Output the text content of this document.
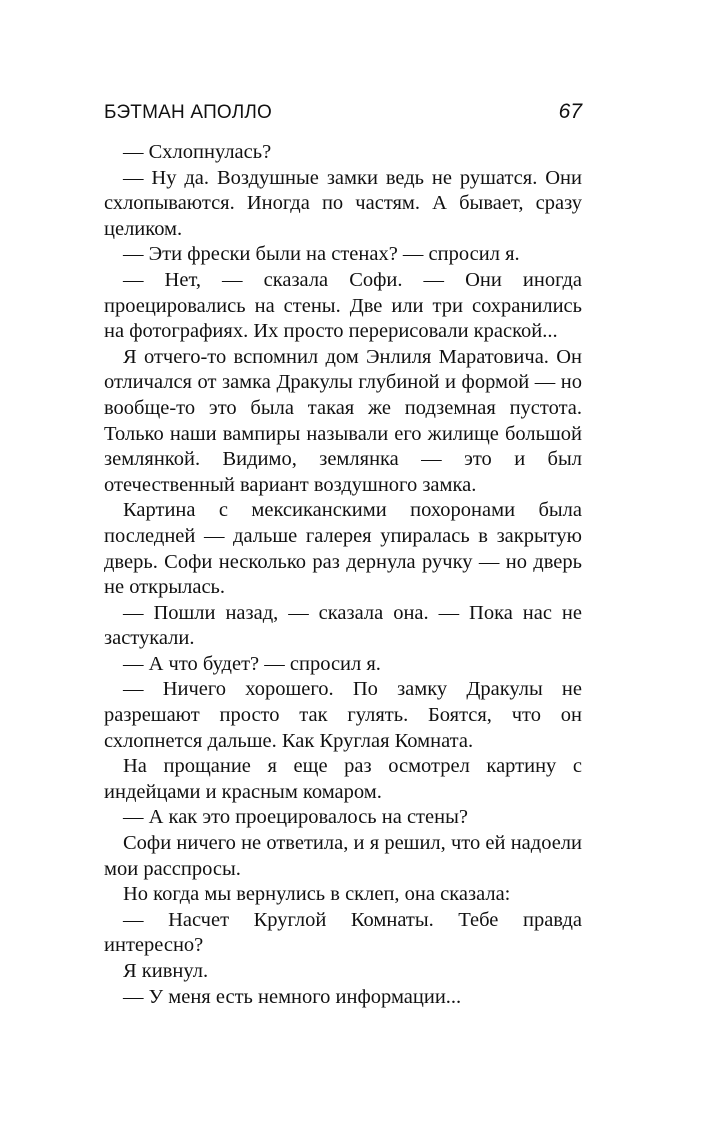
БЭТМАН АПОЛЛО	67

— Схлопнулась?

— Ну да. Воздушные замки ведь не рушатся. Они схлопываются. Иногда по частям. А бывает, сразу целиком.

— Эти фрески были на стенах? — спросил я.

— Нет, — сказала Софи. — Они иногда проецировались на стены. Две или три сохранились на фотографиях. Их просто перерисовали краской...

Я отчего-то вспомнил дом Энлиля Маратовича. Он отличался от замка Дракулы глубиной и формой — но вообще-то это была такая же подземная пустота. Только наши вампиры называли его жилище большой землянкой. Видимо, землянка — это и был отечественный вариант воздушного замка.

Картина с мексиканскими похоронами была последней — дальше галерея упиралась в закрытую дверь. Софи несколько раз дернула ручку — но дверь не открылась.

— Пошли назад, — сказала она. — Пока нас не застукали.

— А что будет? — спросил я.

— Ничего хорошего. По замку Дракулы не разрешают просто так гулять. Боятся, что он схлопнется дальше. Как Круглая Комната.

На прощание я еще раз осмотрел картину с индейцами и красным комаром.

— А как это проецировалось на стены?

Софи ничего не ответила, и я решил, что ей надоели мои расспросы.

Но когда мы вернулись в склеп, она сказала:

— Насчет Круглой Комнаты. Тебе правда интересно?

Я кивнул.

— У меня есть немного информации...
